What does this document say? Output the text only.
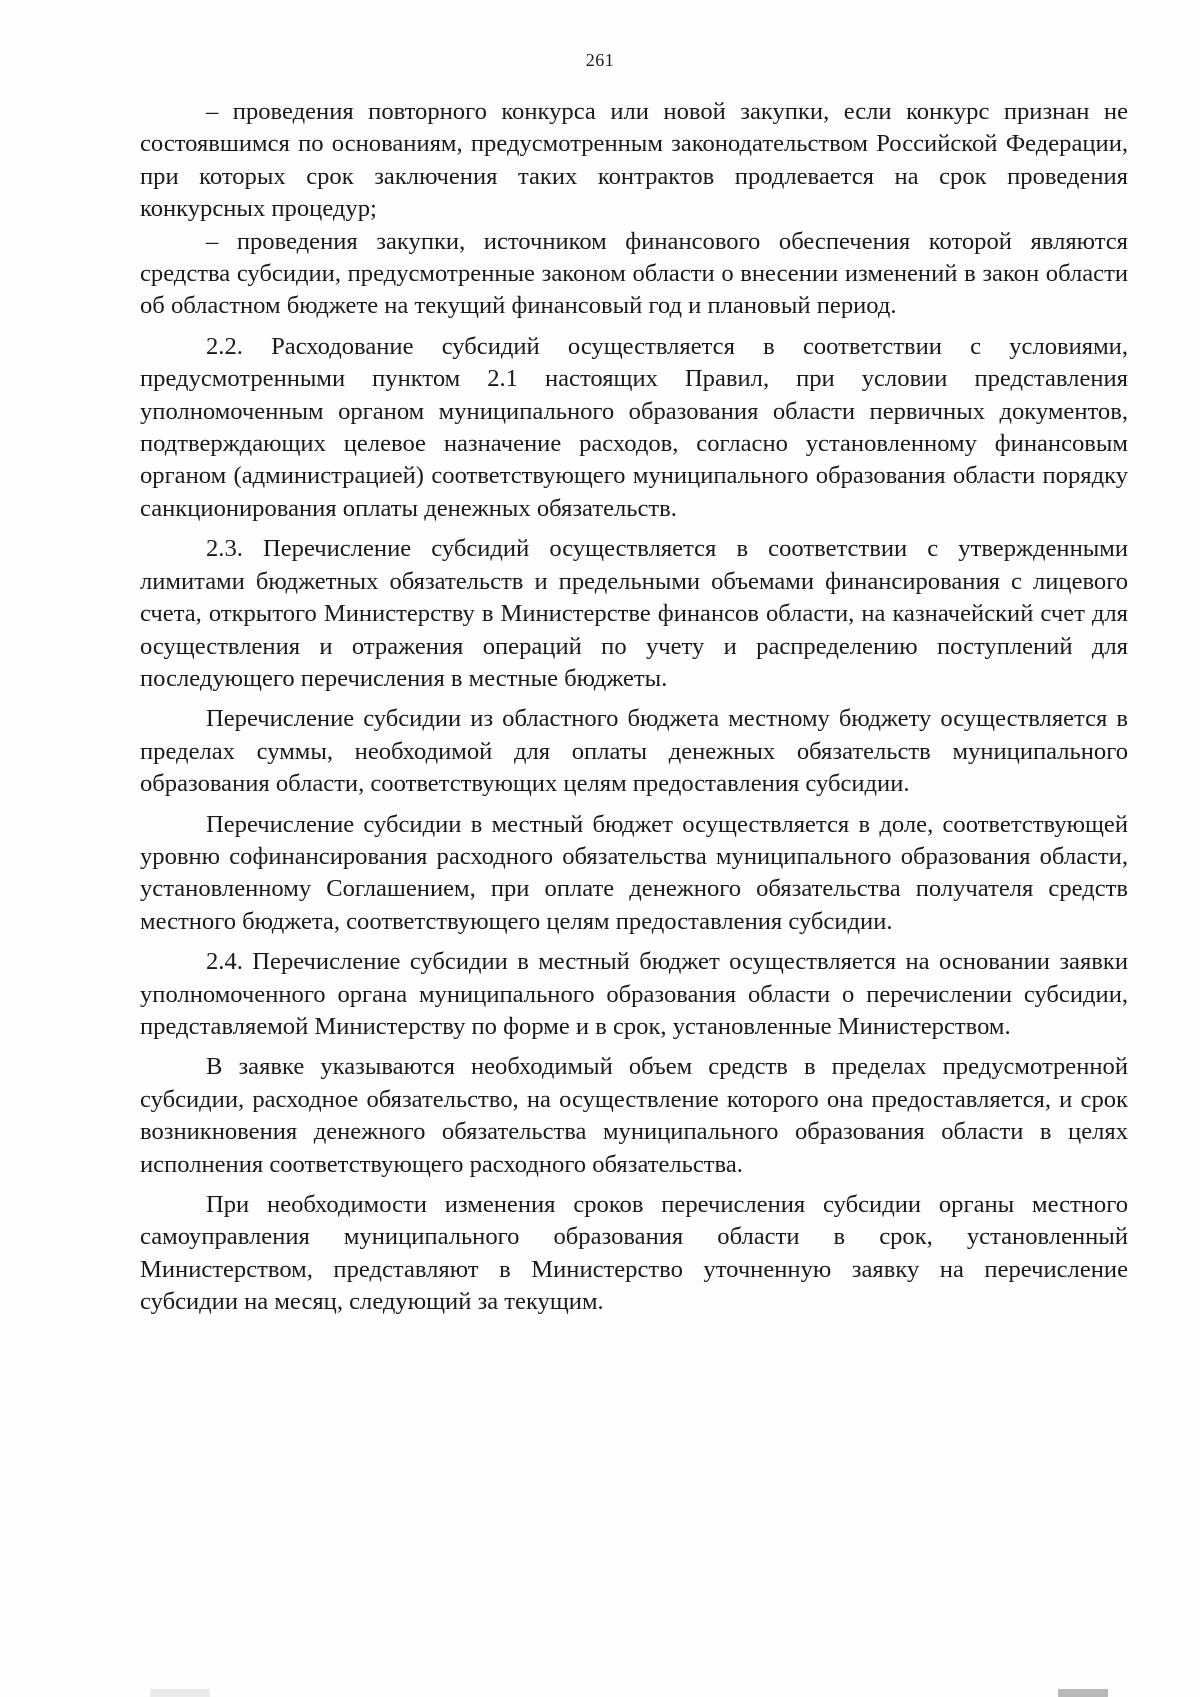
261

– проведения повторного конкурса или новой закупки, если конкурс признан не состоявшимся по основаниям, предусмотренным законодательством Российской Федерации, при которых срок заключения таких контрактов продлевается на срок проведения конкурсных процедур;

– проведения закупки, источником финансового обеспечения которой являются средства субсидии, предусмотренные законом области о внесении изменений в закон области об областном бюджете на текущий финансовый год и плановый период.

2.2. Расходование субсидий осуществляется в соответствии с условиями, предусмотренными пунктом 2.1 настоящих Правил, при условии представления уполномоченным органом муниципального образования области первичных документов, подтверждающих целевое назначение расходов, согласно установленному финансовым органом (администрацией) соответствующего муниципального образования области порядку санкционирования оплаты денежных обязательств.

2.3. Перечисление субсидий осуществляется в соответствии с утвержденными лимитами бюджетных обязательств и предельными объемами финансирования с лицевого счета, открытого Министерству в Министерстве финансов области, на казначейский счет для осуществления и отражения операций по учету и распределению поступлений для последующего перечисления в местные бюджеты.

Перечисление субсидии из областного бюджета местному бюджету осуществляется в пределах суммы, необходимой для оплаты денежных обязательств муниципального образования области, соответствующих целям предоставления субсидии.

Перечисление субсидии в местный бюджет осуществляется в доле, соответствующей уровню софинансирования расходного обязательства муниципального образования области, установленному Соглашением, при оплате денежного обязательства получателя средств местного бюджета, соответствующего целям предоставления субсидии.

2.4. Перечисление субсидии в местный бюджет осуществляется на основании заявки уполномоченного органа муниципального образования области о перечислении субсидии, представляемой Министерству по форме и в срок, установленные Министерством.

В заявке указываются необходимый объем средств в пределах предусмотренной субсидии, расходное обязательство, на осуществление которого она предоставляется, и срок возникновения денежного обязательства муниципального образования области в целях исполнения соответствующего расходного обязательства.

При необходимости изменения сроков перечисления субсидии органы местного самоуправления муниципального образования области в срок, установленный Министерством, представляют в Министерство уточненную заявку на перечисление субсидии на месяц, следующий за текущим.
